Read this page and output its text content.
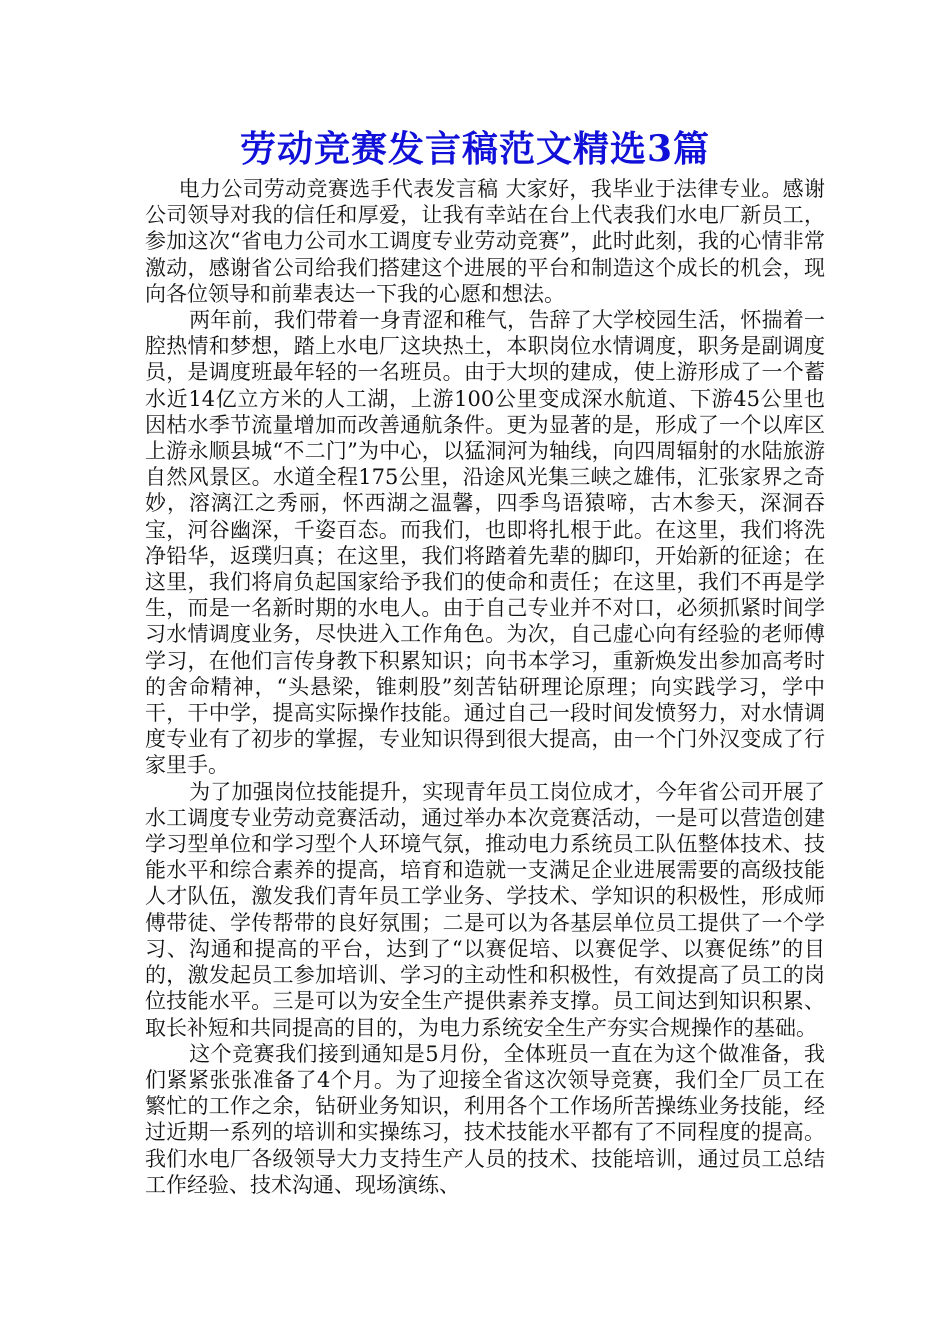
劳动竞赛发言稿范文精选3篇

电力公司劳动竞赛选手代表发言稿 大家好，我毕业于法律专业。感谢公司领导对我的信任和厚爱，让我有幸站在台上代表我们水电厂新员工，参加这次“省电力公司水工调度专业劳动竞赛”，此时此刻，我的心情非常激动，感谢省公司给我们搭建这个进展的平台和制造这个成长的机会，现向各位领导和前辈表达一下我的心愿和想法。

两年前，我们带着一身青涩和稚气，告辞了大学校园生活，怀揣着一腔热情和梦想，踏上水电厂这块热土，本职岗位水情调度，职务是副调度员，是调度班最年轻的一名班员。由于大坝的建成，使上游形成了一个蓄水近14亿立方米的人工湖，上游100公里变成深水航道、下游45公里也因枯水季节流量增加而改善通航条件。更为显著的是，形成了一个以库区上游永顺县城“不二门”为中心，以猛洞河为轴线，向四周辐射的水陆旅游自然风景区。水道全程175公里，沿途风光集三峡之雄伟，汇张家界之奇妙，溶漓江之秀丽，怀西湖之温馨，四季鸟语猿啼，古木参天，深洞吞宝，河谷幽深，千姿百态。而我们，也即将扎根于此。在这里，我们将洗净铅华，返璞归真；在这里，我们将踏着先辈的脚印，开始新的征途；在这里，我们将肩负起国家给予我们的使命和责任；在这里，我们不再是学生，而是一名新时期的水电人。由于自己专业并不对口，必须抓紧时间学习水情调度业务，尽快进入工作角色。为次，自己虚心向有经验的老师傅学习，在他们言传身教下积累知识；向书本学习，重新焕发出参加高考时的舍命精神，“头悬梁，锥刺股”刻苦钻研理论原理；向实践学习，学中干，干中学，提高实际操作技能。通过自己一段时间发愤努力，对水情调度专业有了初步的掌握，专业知识得到很大提高，由一个门外汉变成了行家里手。

为了加强岗位技能提升，实现青年员工岗位成才，今年省公司开展了水工调度专业劳动竞赛活动，通过举办本次竞赛活动，一是可以营造创建学习型单位和学习型个人环境气氛，推动电力系统员工队伍整体技术、技能水平和综合素养的提高，培育和造就一支满足企业进展需要的高级技能人才队伍，激发我们青年员工学业务、学技术、学知识的积极性，形成师傅带徒、学传帮带的良好氛围；二是可以为各基层单位员工提供了一个学习、沟通和提高的平台，达到了“以赛促培、以赛促学、以赛促练”的目的，激发起员工参加培训、学习的主动性和积极性，有效提高了员工的岗位技能水平。三是可以为安全生产提供素养支撑。员工间达到知识积累、取长补短和共同提高的目的，为电力系统安全生产夯实合规操作的基础。

这个竞赛我们接到通知是5月份，全体班员一直在为这个做准备，我们紧紧张张准备了4个月。为了迎接全省这次领导竞赛，我们全厂员工在繁忙的工作之余，钻研业务知识，利用各个工作场所苦操练业务技能，经过近期一系列的培训和实操练习，技术技能水平都有了不同程度的提高。我们水电厂各级领导大力支持生产人员的技术、技能培训，通过员工总结工作经验、技术沟通、现场演练、
